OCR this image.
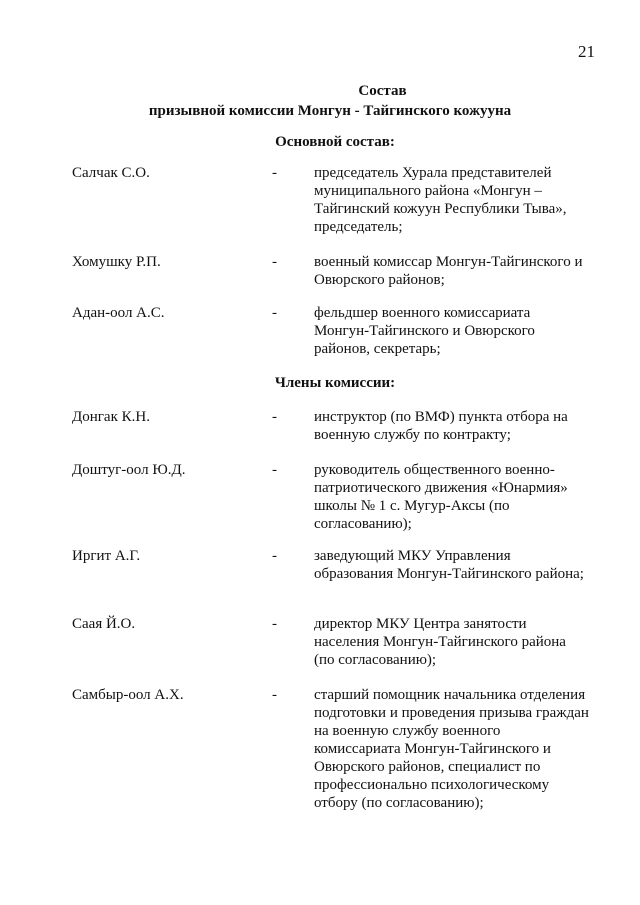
21
Состав
призывной комиссии Монгун - Тайгинского кожууна
Основной состав:
Салчак С.О.	- председатель Хурала представителей муниципального района «Монгун – Тайгинский кожуун Республики Тыва», председатель;
Хомушку Р.П.	- военный комиссар Монгун-Тайгинского и Овюрского районов;
Адан-оол А.С.	- фельдшер военного комиссариата Монгун-Тайгинского и Овюрского районов, секретарь;
Члены комиссии:
Донгак К.Н.	- инструктор (по ВМФ) пункта отбора на военную службу по контракту;
Доштуг-оол Ю.Д.	- руководитель общественного военно-патриотического движения «Юнармия» школы № 1 с. Мугур-Аксы (по согласованию);
Иргит А.Г.	- заведующий МКУ Управления образования Монгун-Тайгинского района;
Саая Й.О.	- директор МКУ Центра занятости населения Монгун-Тайгинского района (по согласованию);
Самбыр-оол А.Х.	- старший помощник начальника отделения подготовки и проведения призыва граждан на военную службу военного комиссариата Монгун-Тайгинского и Овюрского районов, специалист по профессионально психологическому отбору (по согласованию);
